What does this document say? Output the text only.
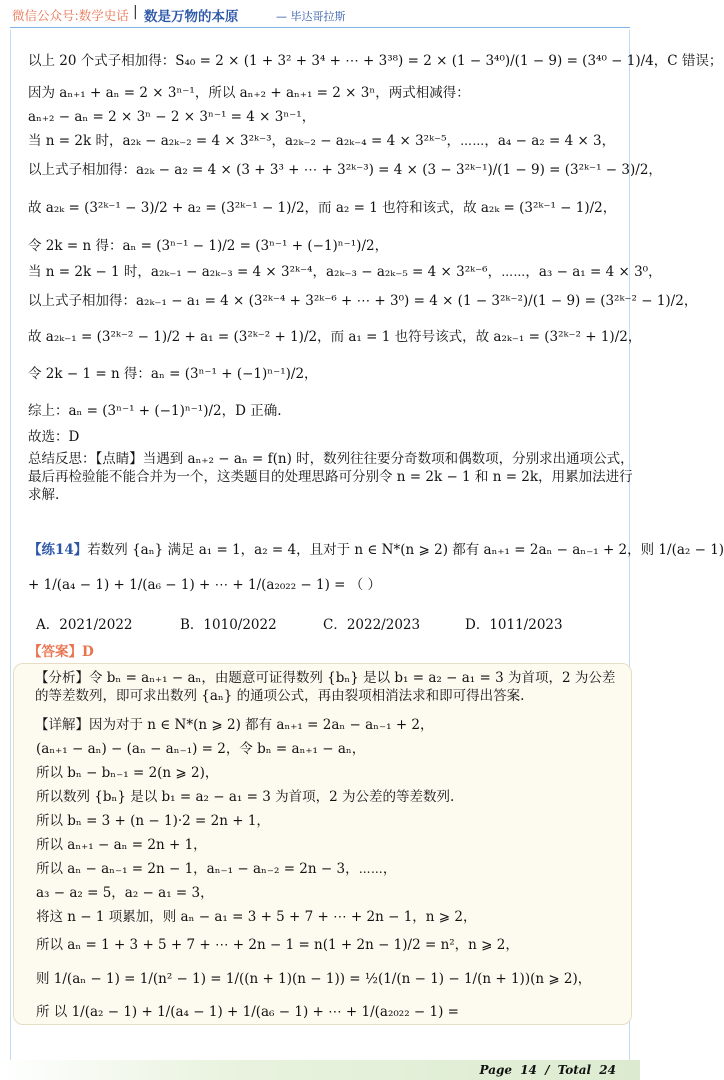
微信公众号:数学史话 | 数是万物的本原	— 毕达哥拉斯
以上 20 个式子相加得：S₄₀ = 2 × (1 + 3² + 3⁴ + ⋯ + 3³⁸) = 2 × (1 − 3⁴⁰)/(1 − 9) = (3⁴⁰ − 1)/4，C 错误；
因为 aₙ₊₁ + aₙ = 2 × 3ⁿ⁻¹，所以 aₙ₊₂ + aₙ₊₁ = 2 × 3ⁿ，两式相减得：
aₙ₊₂ − aₙ = 2 × 3ⁿ − 2 × 3ⁿ⁻¹ = 4 × 3ⁿ⁻¹，
当 n = 2k 时，a₂ₖ − a₂ₖ₋₂ = 4 × 3²ᵏ⁻³，a₂ₖ₋₂ − a₂ₖ₋₄ = 4 × 3²ᵏ⁻⁵，⋯⋯，a₄ − a₂ = 4 × 3，
以上式子相加得：a₂ₖ − a₂ = 4 × (3 + 3³ + ⋯ + 3²ᵏ⁻³) = 4 × (3 − 3²ᵏ⁻¹)/(1 − 9) = (3²ᵏ⁻¹ − 3)/2，
故 a₂ₖ = (3²ᵏ⁻¹ − 3)/2 + a₂ = (3²ᵏ⁻¹ − 1)/2，而 a₂ = 1 也符和该式，故 a₂ₖ = (3²ᵏ⁻¹ − 1)/2，
令 2k = n 得：aₙ = (3ⁿ⁻¹ − 1)/2 = (3ⁿ⁻¹ + (−1)ⁿ⁻¹)/2，
当 n = 2k − 1 时，a₂ₖ₋₁ − a₂ₖ₋₃ = 4 × 3²ᵏ⁻⁴，a₂ₖ₋₃ − a₂ₖ₋₅ = 4 × 3²ᵏ⁻⁶，⋯⋯，a₃ − a₁ = 4 × 3⁰，
以上式子相加得：a₂ₖ₋₁ − a₁ = 4 × (3²ᵏ⁻⁴ + 3²ᵏ⁻⁶ + ⋯ + 3⁰) = 4 × (1 − 3²ᵏ⁻²)/(1 − 9) = (3²ᵏ⁻² − 1)/2，
故 a₂ₖ₋₁ = (3²ᵏ⁻² − 1)/2 + a₁ = (3²ᵏ⁻² + 1)/2，而 a₁ = 1 也符号该式，故 a₂ₖ₋₁ = (3²ᵏ⁻² + 1)/2，
令 2k − 1 = n 得：aₙ = (3ⁿ⁻¹ + (−1)ⁿ⁻¹)/2，
综上：aₙ = (3ⁿ⁻¹ + (−1)ⁿ⁻¹)/2，D 正确.
故选：D
总结反思：【点睛】当遇到 aₙ₊₂ − aₙ = f(n) 时，数列往往要分奇数项和偶数项，分别求出通项公式，最后再检验能不能合并为一个，这类题目的处理思路可分别令 n = 2k − 1 和 n = 2k，用累加法进行求解.
【练14】若数列 {aₙ} 满足 a₁ = 1，a₂ = 4，且对于 n ∈ N*(n ⩾ 2) 都有 aₙ₊₁ = 2aₙ − aₙ₋₁ + 2，则 1/(a₂ − 1)
+ 1/(a₄ − 1) + 1/(a₆ − 1) + ⋯ + 1/(a₂₀₂₂ − 1) = （ ）
A．2021/2022	B．1010/2022	C．2022/2023	D．1011/2023
【答案】D
【分析】令 bₙ = aₙ₊₁ − aₙ，由题意可证得数列 {bₙ} 是以 b₁ = a₂ − a₁ = 3 为首项，2 为公差的等差数列，即可求出数列 {aₙ} 的通项公式，再由裂项相消法求和即可得出答案.
【详解】因为对于 n ∈ N*(n ⩾ 2) 都有 aₙ₊₁ = 2aₙ − aₙ₋₁ + 2，
(aₙ₊₁ − aₙ) − (aₙ − aₙ₋₁) = 2，令 bₙ = aₙ₊₁ − aₙ，
所以 bₙ − bₙ₋₁ = 2(n ⩾ 2)，
所以数列 {bₙ} 是以 b₁ = a₂ − a₁ = 3 为首项，2 为公差的等差数列.
所以 bₙ = 3 + (n − 1)·2 = 2n + 1，
所以 aₙ₊₁ − aₙ = 2n + 1，
所以 aₙ − aₙ₋₁ = 2n − 1，aₙ₋₁ − aₙ₋₂ = 2n − 3，⋯⋯，
a₃ − a₂ = 5，a₂ − a₁ = 3，
将这 n − 1 项累加，则 aₙ − a₁ = 3 + 5 + 7 + ⋯ + 2n − 1，n ⩾ 2，
所以 aₙ = 1 + 3 + 5 + 7 + ⋯ + 2n − 1 = n(1 + 2n − 1)/2 = n²，n ⩾ 2，
则 1/(aₙ − 1) = 1/(n² − 1) = 1/((n + 1)(n − 1)) = ½(1/(n − 1) − 1/(n + 1))(n ⩾ 2)，
所 以 1/(a₂ − 1) + 1/(a₄ − 1) + 1/(a₆ − 1) + ⋯ + 1/(a₂₀₂₂ − 1) =
Page 14 / Total 24
